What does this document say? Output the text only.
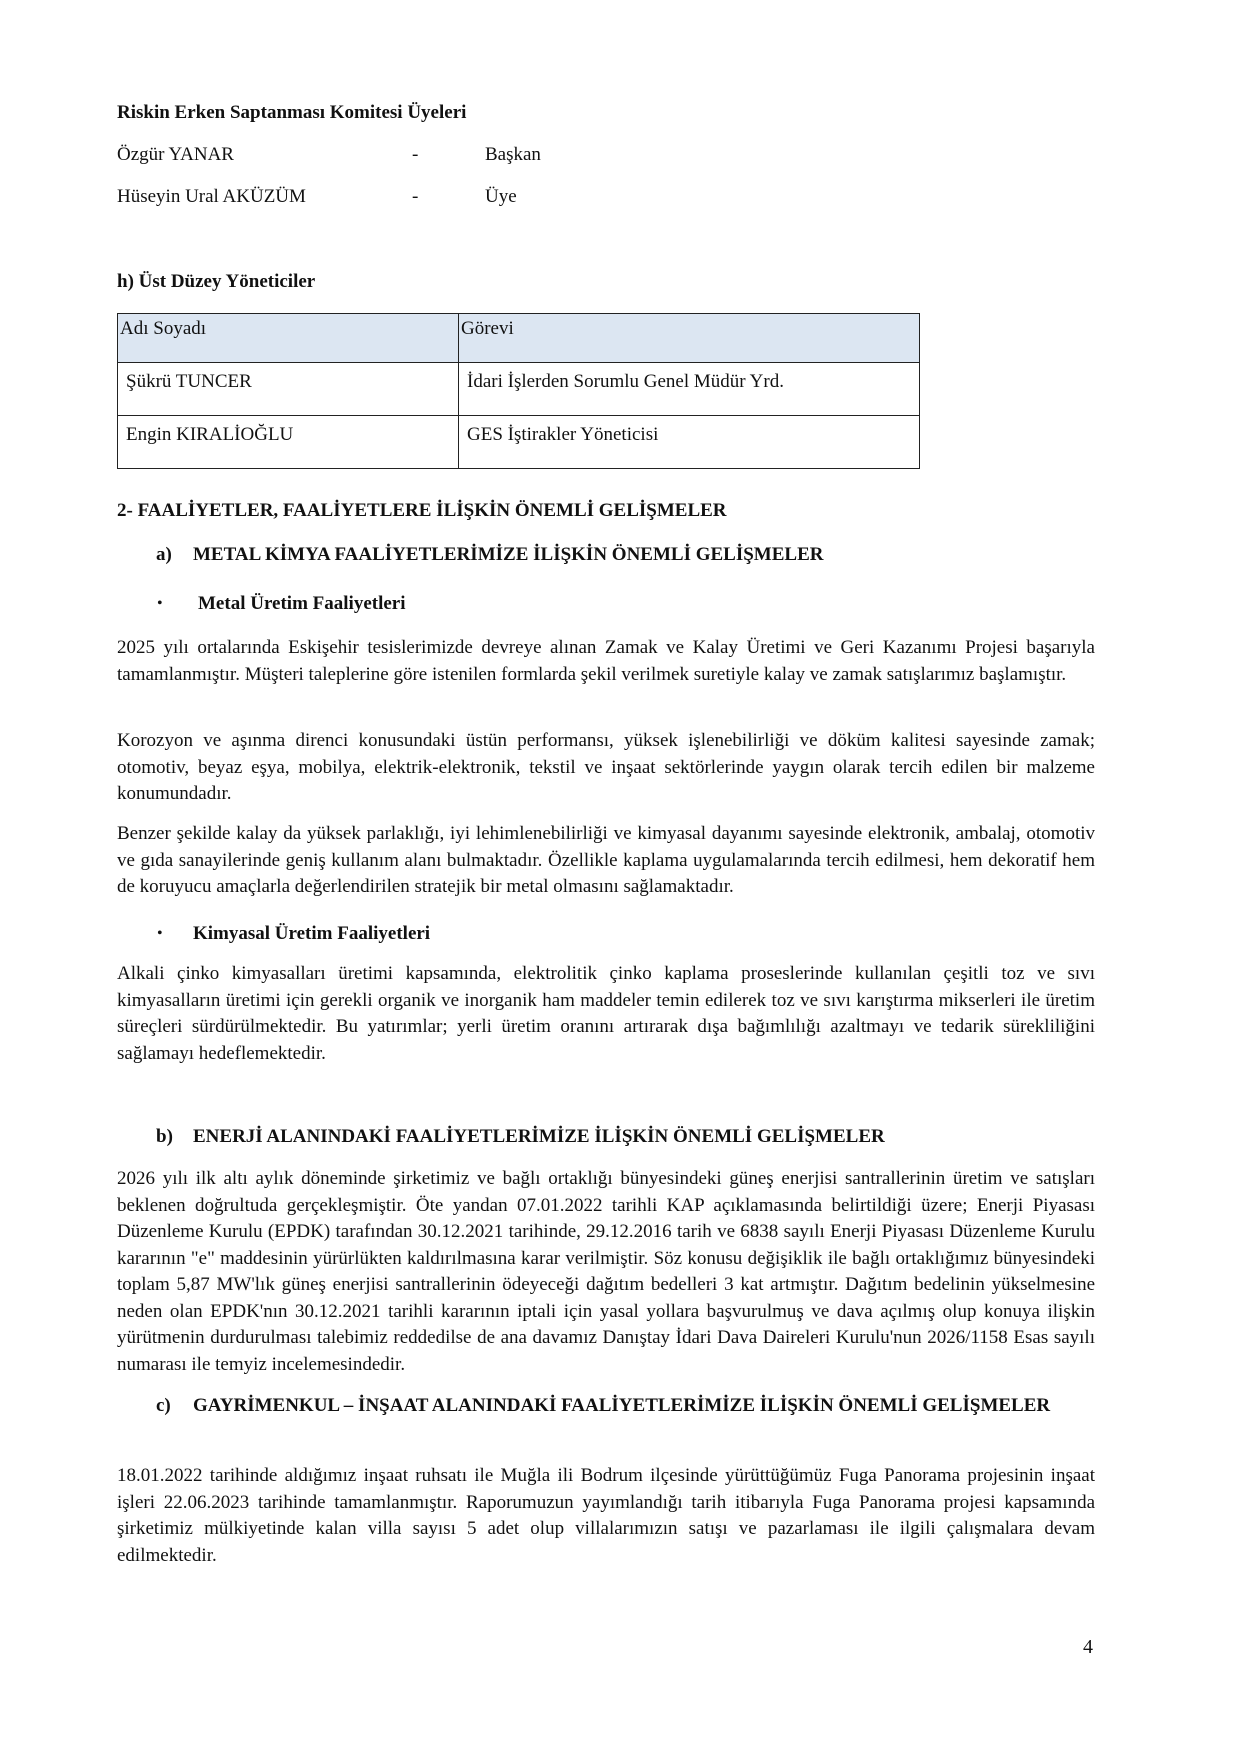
Riskin Erken Saptanması Komitesi Üyeleri
Özgür YANAR	-	Başkan
Hüseyin Ural AKÜZÜM	-	Üye
h) Üst Düzey Yöneticiler
Adı Soyadı	Görevi
Şükrü TUNCER	İdari İşlerden Sorumlu Genel Müdür Yrd.
Engin KIRALİOĞLU	GES İştirakler Yöneticisi
2- FAALİYETLER, FAALİYETLERE İLİŞKİN ÖNEMLİ GELİŞMELER
a) METAL KİMYA FAALİYETLERİMİZE İLİŞKİN ÖNEMLİ GELİŞMELER
• Metal Üretim Faaliyetleri
2025 yılı ortalarında Eskişehir tesislerimizde devreye alınan Zamak ve Kalay Üretimi ve Geri Kazanımı Projesi başarıyla tamamlanmıştır. Müşteri taleplerine göre istenilen formlarda şekil verilmek suretiyle kalay ve zamak satışlarımız başlamıştır.
Korozyon ve aşınma direnci konusundaki üstün performansı, yüksek işlenebilirliği ve döküm kalitesi sayesinde zamak; otomotiv, beyaz eşya, mobilya, elektrik-elektronik, tekstil ve inşaat sektörlerinde yaygın olarak tercih edilen bir malzeme konumundadır.
Benzer şekilde kalay da yüksek parlaklığı, iyi lehimlenebilirliği ve kimyasal dayanımı sayesinde elektronik, ambalaj, otomotiv ve gıda sanayilerinde geniş kullanım alanı bulmaktadır. Özellikle kaplama uygulamalarında tercih edilmesi, hem dekoratif hem de koruyucu amaçlarla değerlendirilen stratejik bir metal olmasını sağlamaktadır.
• Kimyasal Üretim Faaliyetleri
Alkali çinko kimyasalları üretimi kapsamında, elektrolitik çinko kaplama proseslerinde kullanılan çeşitli toz ve sıvı kimyasalların üretimi için gerekli organik ve inorganik ham maddeler temin edilerek toz ve sıvı karıştırma mikserleri ile üretim süreçleri sürdürülmektedir. Bu yatırımlar; yerli üretim oranını artırarak dışa bağımlılığı azaltmayı ve tedarik sürekliliğini sağlamayı hedeflemektedir.
b) ENERJİ ALANINDAKİ FAALİYETLERİMİZE İLİŞKİN ÖNEMLİ GELİŞMELER
2026 yılı ilk altı aylık döneminde şirketimiz ve bağlı ortaklığı bünyesindeki güneş enerjisi santrallerinin üretim ve satışları beklenen doğrultuda gerçekleşmiştir. Öte yandan 07.01.2022 tarihli KAP açıklamasında belirtildiği üzere; Enerji Piyasası Düzenleme Kurulu (EPDK) tarafından 30.12.2021 tarihinde, 29.12.2016 tarih ve 6838 sayılı Enerji Piyasası Düzenleme Kurulu kararının "e" maddesinin yürürlükten kaldırılmasına karar verilmiştir. Söz konusu değişiklik ile bağlı ortaklığımız bünyesindeki toplam 5,87 MW'lık güneş enerjisi santrallerinin ödeyeceği dağıtım bedelleri 3 kat artmıştır. Dağıtım bedelinin yükselmesine neden olan EPDK'nın 30.12.2021 tarihli kararının iptali için yasal yollara başvurulmuş ve dava açılmış olup konuya ilişkin yürütmenin durdurulması talebimiz reddedilse de ana davamız Danıştay İdari Dava Daireleri Kurulu'nun 2026/1158 Esas sayılı numarası ile temyiz incelemesindedir.
c) GAYRİMENKUL – İNŞAAT ALANINDAKİ FAALİYETLERİMİZE İLİŞKİN ÖNEMLİ GELİŞMELER
18.01.2022 tarihinde aldığımız inşaat ruhsatı ile Muğla ili Bodrum ilçesinde yürüttüğümüz Fuga Panorama projesinin inşaat işleri 22.06.2023 tarihinde tamamlanmıştır. Raporumuzun yayımlandığı tarih itibarıyla Fuga Panorama projesi kapsamında şirketimiz mülkiyetinde kalan villa sayısı 5 adet olup villalarımızın satışı ve pazarlaması ile ilgili çalışmalara devam edilmektedir.
4
